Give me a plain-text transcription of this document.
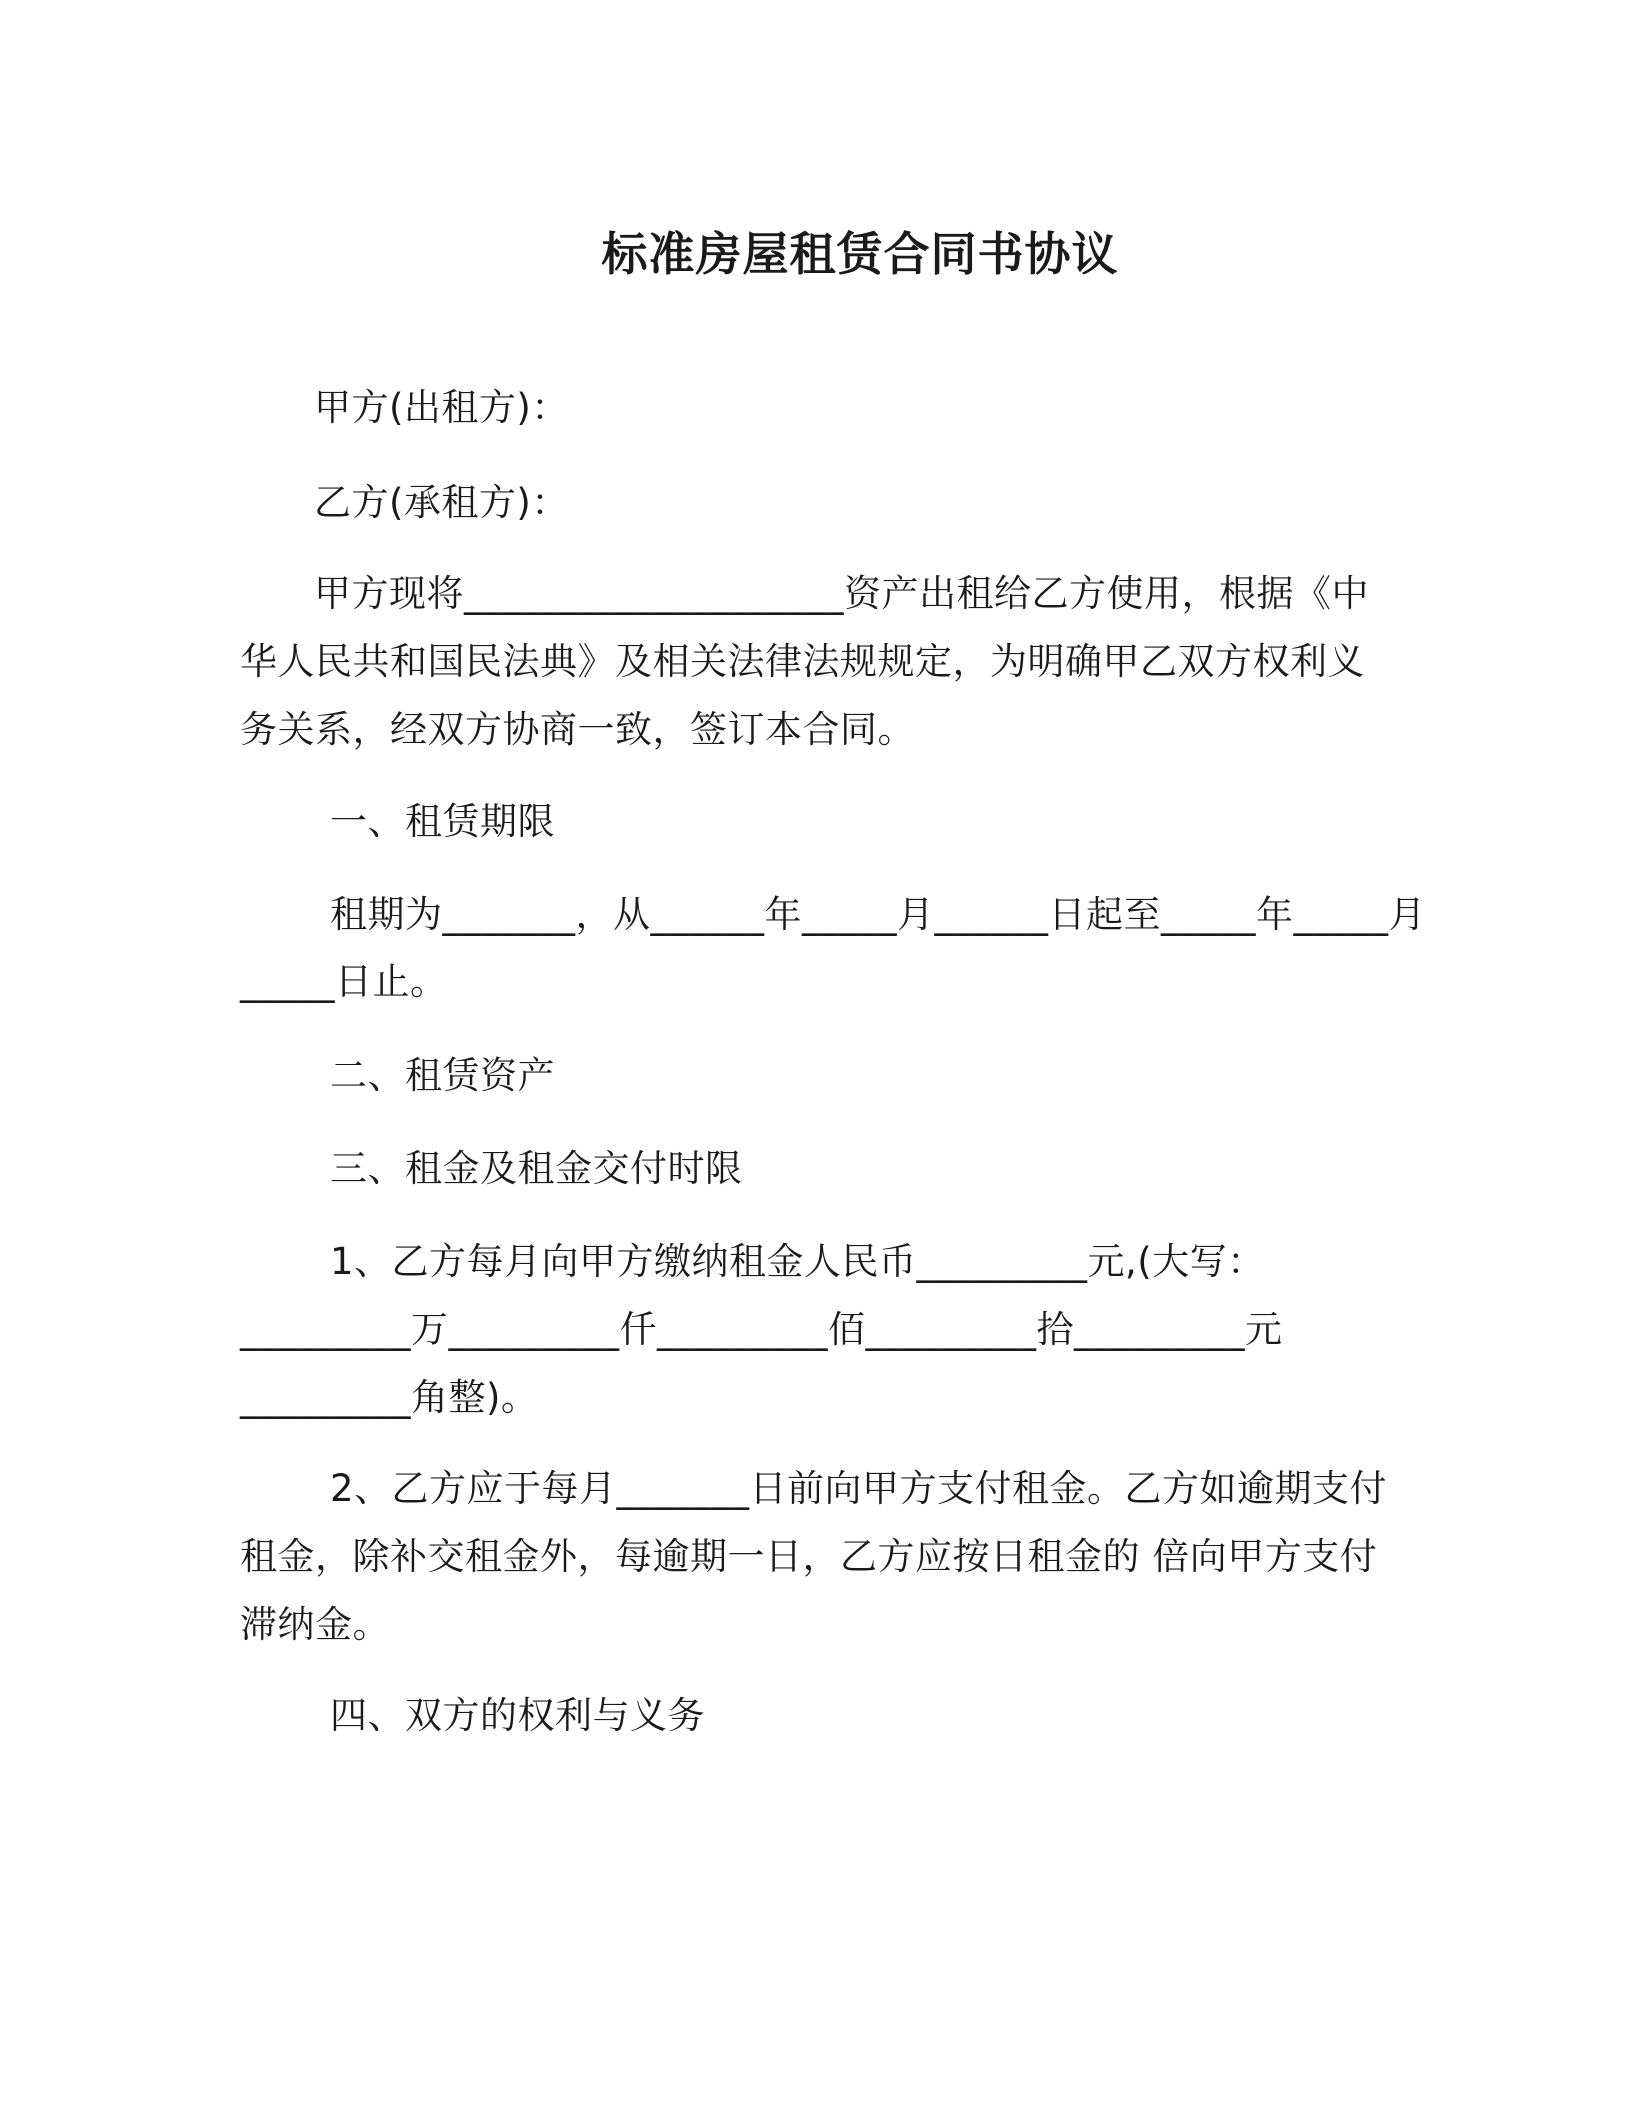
标准房屋租赁合同书协议

甲方(出租方)：

乙方(承租方)：

甲方现将____________________资产出租给乙方使用，根据《中

华人民共和国民法典》及相关法律法规规定，为明确甲乙双方权利义

务关系，经双方协商一致，签订本合同。

一、租赁期限

租期为_______，从______年_____月______日起至_____年_____月

_____日止。

二、租赁资产

三、租金及租金交付时限

1、乙方每月向甲方缴纳租金人民币_________元,(大写：

_________万_________仟_________佰_________拾_________元

_________角整)。

2、乙方应于每月_______日前向甲方支付租金。乙方如逾期支付

租金，除补交租金外，每逾期一日，乙方应按日租金的 倍向甲方支付

滞纳金。

四、双方的权利与义务
